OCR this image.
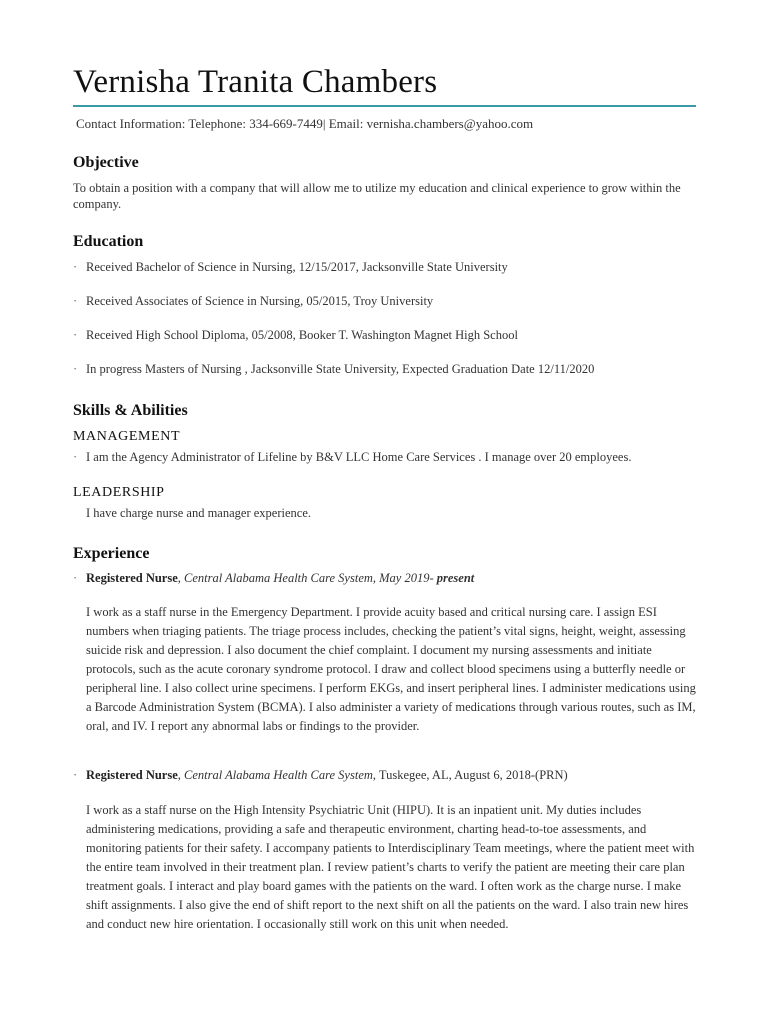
Vernisha Tranita Chambers
Contact Information: Telephone: 334-669-7449| Email: vernisha.chambers@yahoo.com
Objective
To obtain a position with a company that will allow me to utilize my education and clinical experience to grow within the company.
Education
· Received Bachelor of Science in Nursing, 12/15/2017, Jacksonville State University
· Received Associates of Science in Nursing, 05/2015, Troy University
· Received High School Diploma, 05/2008, Booker T. Washington Magnet High School
· In progress Masters of Nursing , Jacksonville State University, Expected Graduation Date 12/11/2020
Skills & Abilities
MANAGEMENT
· I am the Agency Administrator of Lifeline by B&V LLC Home Care Services . I manage over 20 employees.
LEADERSHIP
I have charge nurse and manager experience.
Experience
· Registered Nurse, Central Alabama Health Care System, May 2019- present
I work as a staff nurse in the Emergency Department. I provide acuity based and critical nursing care. I assign ESI numbers when triaging patients. The triage process includes, checking the patient’s vital signs, height, weight, assessing suicide risk and depression. I also document the chief complaint. I document my nursing assessments and initiate protocols, such as the acute coronary syndrome protocol. I draw and collect blood specimens using a butterfly needle or peripheral line. I also collect urine specimens. I perform EKGs, and insert peripheral lines. I administer medications using a Barcode Administration System (BCMA). I also administer a variety of medications through various routes, such as IM, oral, and IV. I report any abnormal labs or findings to the provider.
· Registered Nurse, Central Alabama Health Care System, Tuskegee, AL, August 6, 2018-(PRN)
I work as a staff nurse on the High Intensity Psychiatric Unit (HIPU). It is an inpatient unit. My duties includes administering medications, providing a safe and therapeutic environment, charting head-to-toe assessments, and monitoring patients for their safety. I accompany patients to Interdisciplinary Team meetings, where the patient meet with the entire team involved in their treatment plan. I review patient’s charts to verify the patient are meeting their care plan treatment goals. I interact and play board games with the patients on the ward. I often work as the charge nurse. I make shift assignments. I also give the end of shift report to the next shift on all the patients on the ward. I also train new hires and conduct new hire orientation. I occasionally still work on this unit when needed.
